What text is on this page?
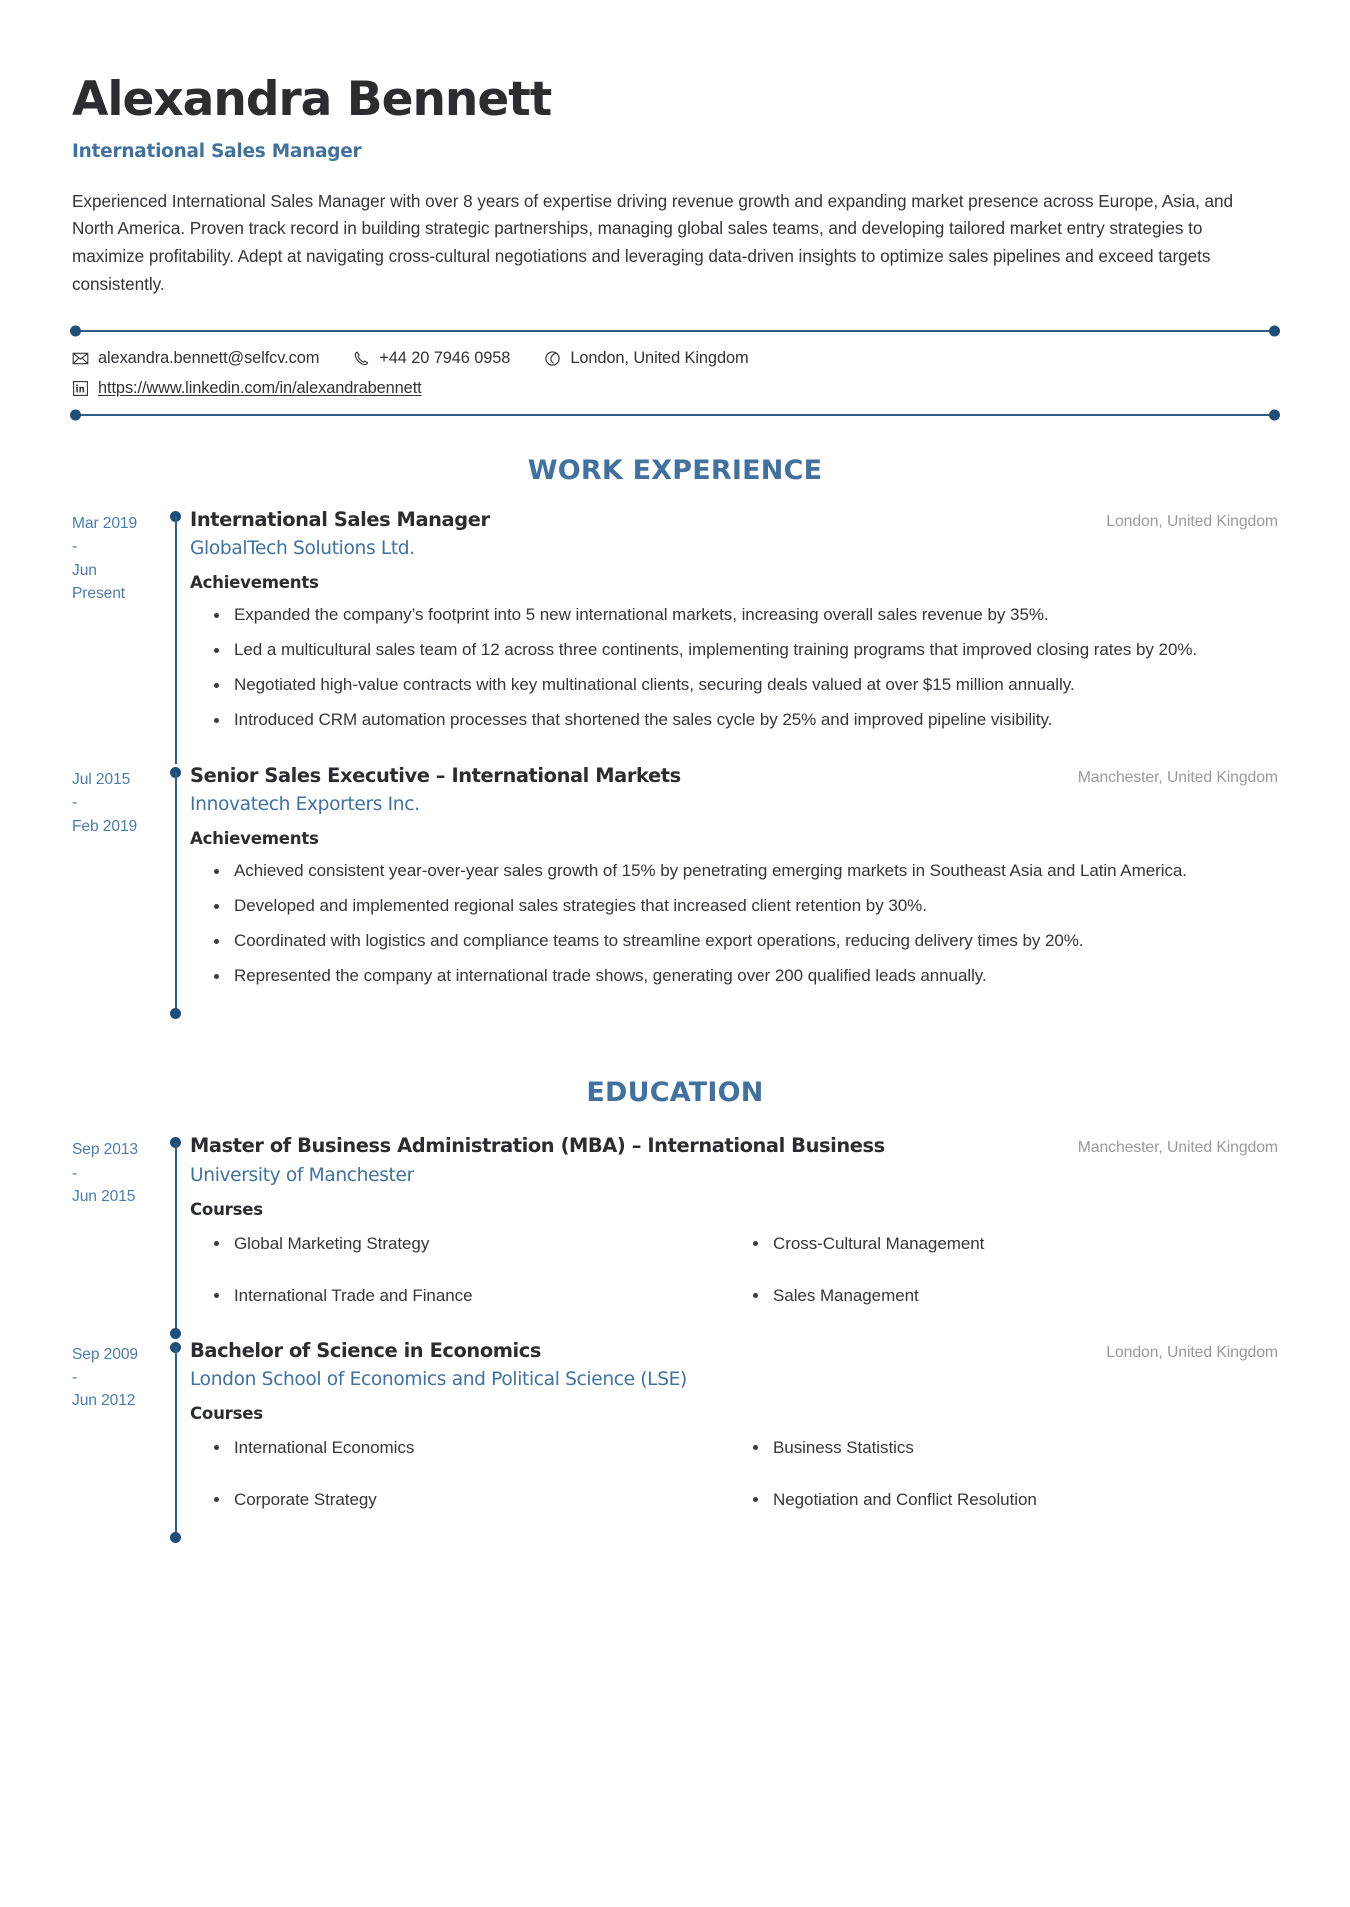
Alexandra Bennett
International Sales Manager
Experienced International Sales Manager with over 8 years of expertise driving revenue growth and expanding market presence across Europe, Asia, and North America. Proven track record in building strategic partnerships, managing global sales teams, and developing tailored market entry strategies to maximize profitability. Adept at navigating cross-cultural negotiations and leveraging data-driven insights to optimize sales pipelines and exceed targets consistently.
alexandra.bennett@selfcv.com	+44 20 7946 0958	London, United Kingdom
https://www.linkedin.com/in/alexandrabennett
WORK EXPERIENCE
Mar 2019
-
Jun
Present
International Sales Manager	London, United Kingdom
GlobalTech Solutions Ltd.
Achievements
Expanded the company’s footprint into 5 new international markets, increasing overall sales revenue by 35%.
Led a multicultural sales team of 12 across three continents, implementing training programs that improved closing rates by 20%.
Negotiated high-value contracts with key multinational clients, securing deals valued at over $15 million annually.
Introduced CRM automation processes that shortened the sales cycle by 25% and improved pipeline visibility.
Jul 2015
-
Feb 2019
Senior Sales Executive – International Markets	Manchester, United Kingdom
Innovatech Exporters Inc.
Achievements
Achieved consistent year-over-year sales growth of 15% by penetrating emerging markets in Southeast Asia and Latin America.
Developed and implemented regional sales strategies that increased client retention by 30%.
Coordinated with logistics and compliance teams to streamline export operations, reducing delivery times by 20%.
Represented the company at international trade shows, generating over 200 qualified leads annually.
EDUCATION
Sep 2013
-
Jun 2015
Master of Business Administration (MBA) – International Business	Manchester, United Kingdom
University of Manchester
Courses
Global Marketing Strategy	Cross-Cultural Management
International Trade and Finance	Sales Management
Sep 2009
-
Jun 2012
Bachelor of Science in Economics	London, United Kingdom
London School of Economics and Political Science (LSE)
Courses
International Economics	Business Statistics
Corporate Strategy	Negotiation and Conflict Resolution
